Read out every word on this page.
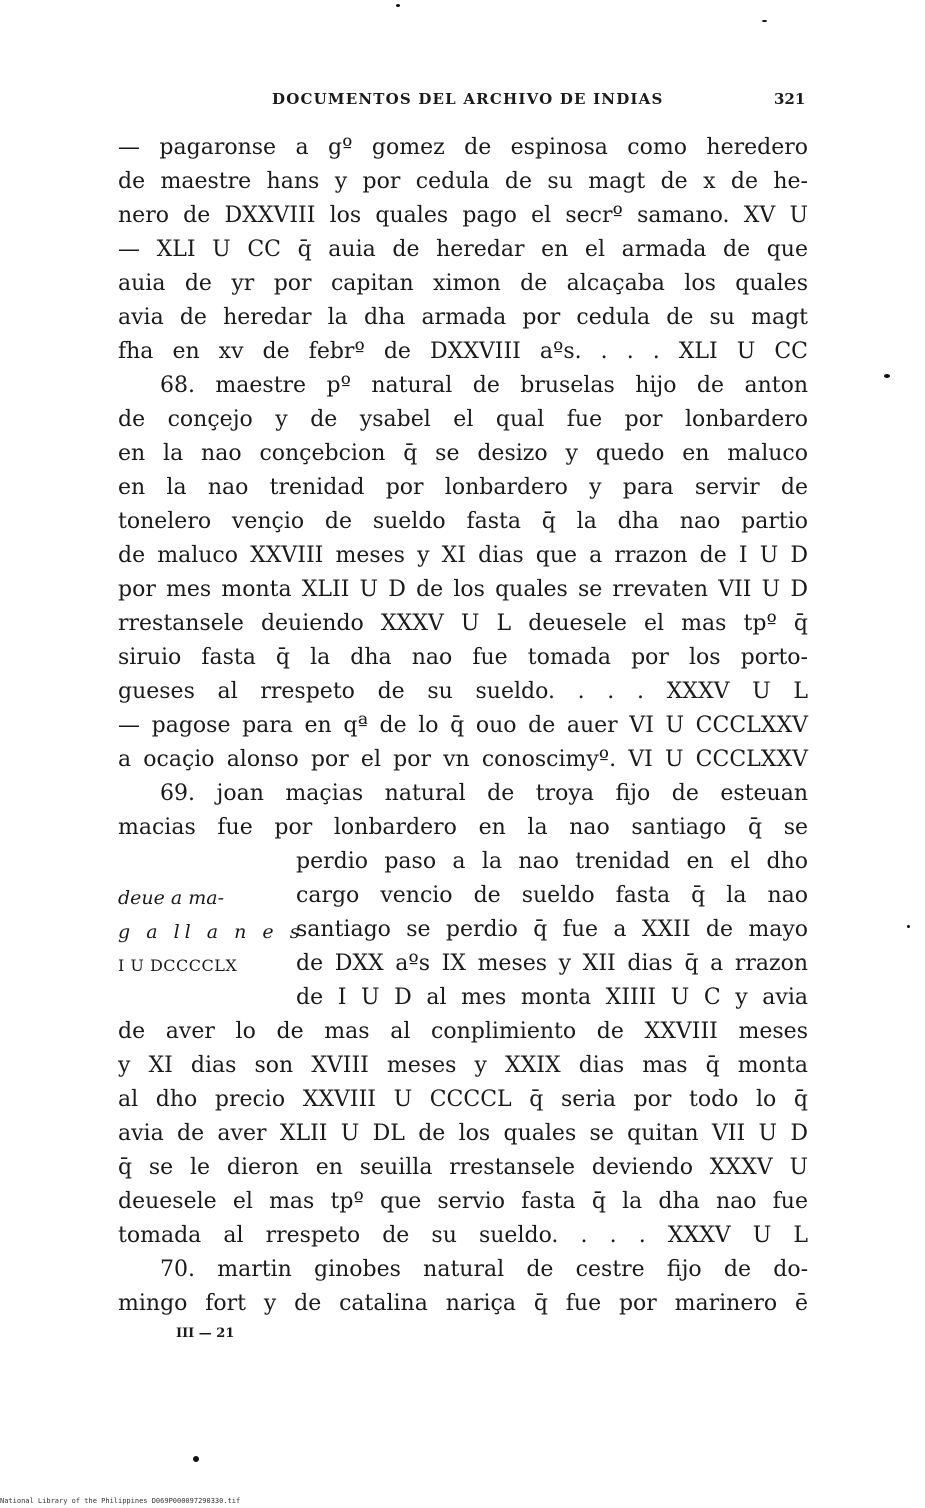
DOCUMENTOS DEL ARCHIVO DE INDIAS	321
— pagaronse a gº gomez de espinosa como heredero
de maestre hans y por cedula de su magt de x de he-
nero de DXXVIII los quales pago el secrº samano. XV U
— XLI U CC q̄ auia de heredar en el armada de que
auia de yr por capitan ximon de alcaçaba los quales
avia de heredar la dha armada por cedula de su magt
fha en xv de febrº de DXXVIII aºs. . . . XLI U CC
68. maestre pº natural de bruselas hijo de anton
de conçejo y de ysabel el qual fue por lonbardero
en la nao conçebcion q̄ se desizo y quedo en maluco
en la nao trenidad por lonbardero y para servir de
tonelero vençio de sueldo fasta q̄ la dha nao partio
de maluco XXVIII meses y XI dias que a rrazon de I U D
por mes monta XLII U D de los quales se rrevaten VII U D
rrestansele deuiendo XXXV U L deuesele el mas tpº q̄
siruio fasta q̄ la dha nao fue tomada por los porto-
gueses al rrespeto de su sueldo. . . . XXXV U L
— pagose para en qª de lo q̄ ouo de auer VI U CCCLXXV
a ocaçio alonso por el por vn conoscimyº. VI U CCCLXXV
69. joan maçias natural de troya fijo de esteuan
macias fue por lonbardero en la nao santiago q̄ se
perdio paso a la nao trenidad en el dho
cargo vencio de sueldo fasta q̄ la nao
santiago se perdio q̄ fue a XXII de mayo
de DXX aºs IX meses y XII dias q̄ a rrazon
de I U D al mes monta XIIII U C y avia
de aver lo de mas al conplimiento de XXVIII meses
y XI dias son XVIII meses y XXIX dias mas q̄ monta
al dho precio XXVIII U CCCCL q̄ seria por todo lo q̄
avia de aver XLII U DL de los quales se quitan VII U D
q̄ se le dieron en seuilla rrestansele deviendo XXXV U
deuesele el mas tpº que servio fasta q̄ la dha nao fue
tomada al rrespeto de su sueldo. . . . XXXV U L
70. martin ginobes natural de cestre fijo de do-
mingo fort y de catalina nariça q̄ fue por marinero ē
deue a ma-
g a ll a n e s
I U DCCCCLX
III — 21
National Library of the Philippines D069P000097290330.tif
